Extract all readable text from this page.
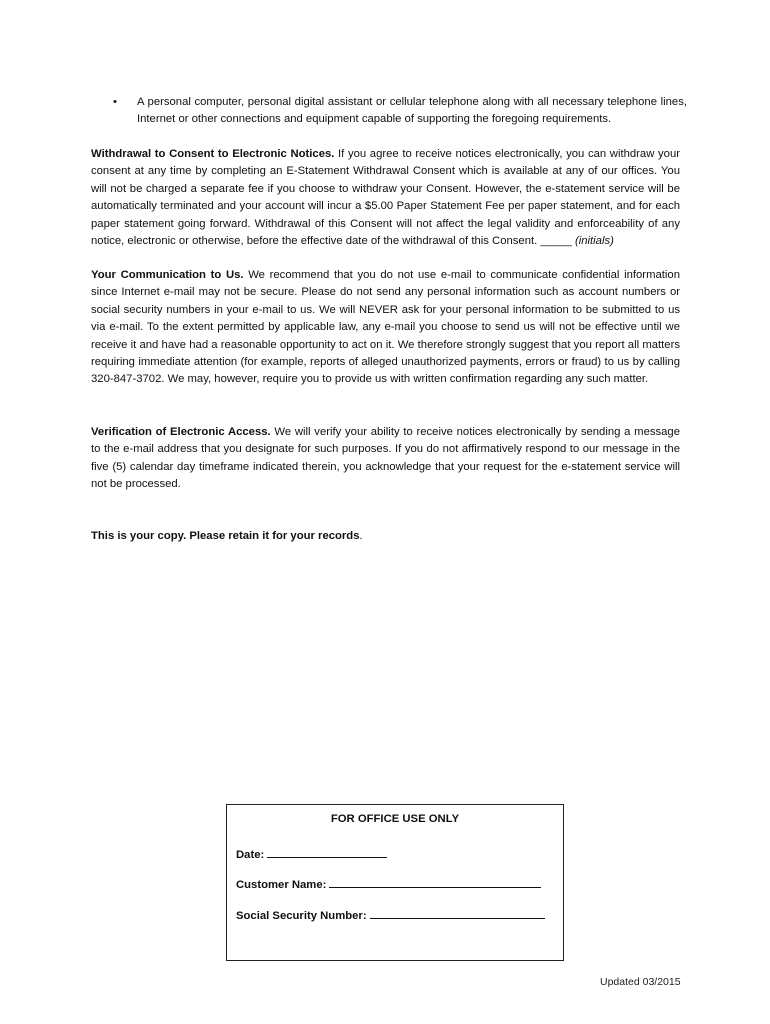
•	A personal computer, personal digital assistant or cellular telephone along with all necessary telephone lines, Internet or other connections and equipment capable of supporting the foregoing requirements.

Withdrawal to Consent to Electronic Notices. If you agree to receive notices electronically, you can withdraw your consent at any time by completing an E-Statement Withdrawal Consent which is available at any of our offices. You will not be charged a separate fee if you choose to withdraw your Consent. However, the e-statement service will be automatically terminated and your account will incur a $5.00 Paper Statement Fee per paper statement, and for each paper statement going forward. Withdrawal of this Consent will not affect the legal validity and enforceability of any notice, electronic or otherwise, before the effective date of the withdrawal of this Consent. _____ (initials)

Your Communication to Us. We recommend that you do not use e-mail to communicate confidential information since Internet e-mail may not be secure. Please do not send any personal information such as account numbers or social security numbers in your e-mail to us. We will NEVER ask for your personal information to be submitted to us via e-mail. To the extent permitted by applicable law, any e-mail you choose to send us will not be effective until we receive it and have had a reasonable opportunity to act on it. We therefore strongly suggest that you report all matters requiring immediate attention (for example, reports of alleged unauthorized payments, errors or fraud) to us by calling 320-847-3702. We may, however, require you to provide us with written confirmation regarding any such matter.

Verification of Electronic Access. We will verify your ability to receive notices electronically by sending a message to the e-mail address that you designate for such purposes. If you do not affirmatively respond to our message in the five (5) calendar day timeframe indicated therein, you acknowledge that your request for the e-statement service will not be processed.

This is your copy. Please retain it for your records.

FOR OFFICE USE ONLY
Date:
Customer Name:
Social Security Number:
Updated 03/2015
